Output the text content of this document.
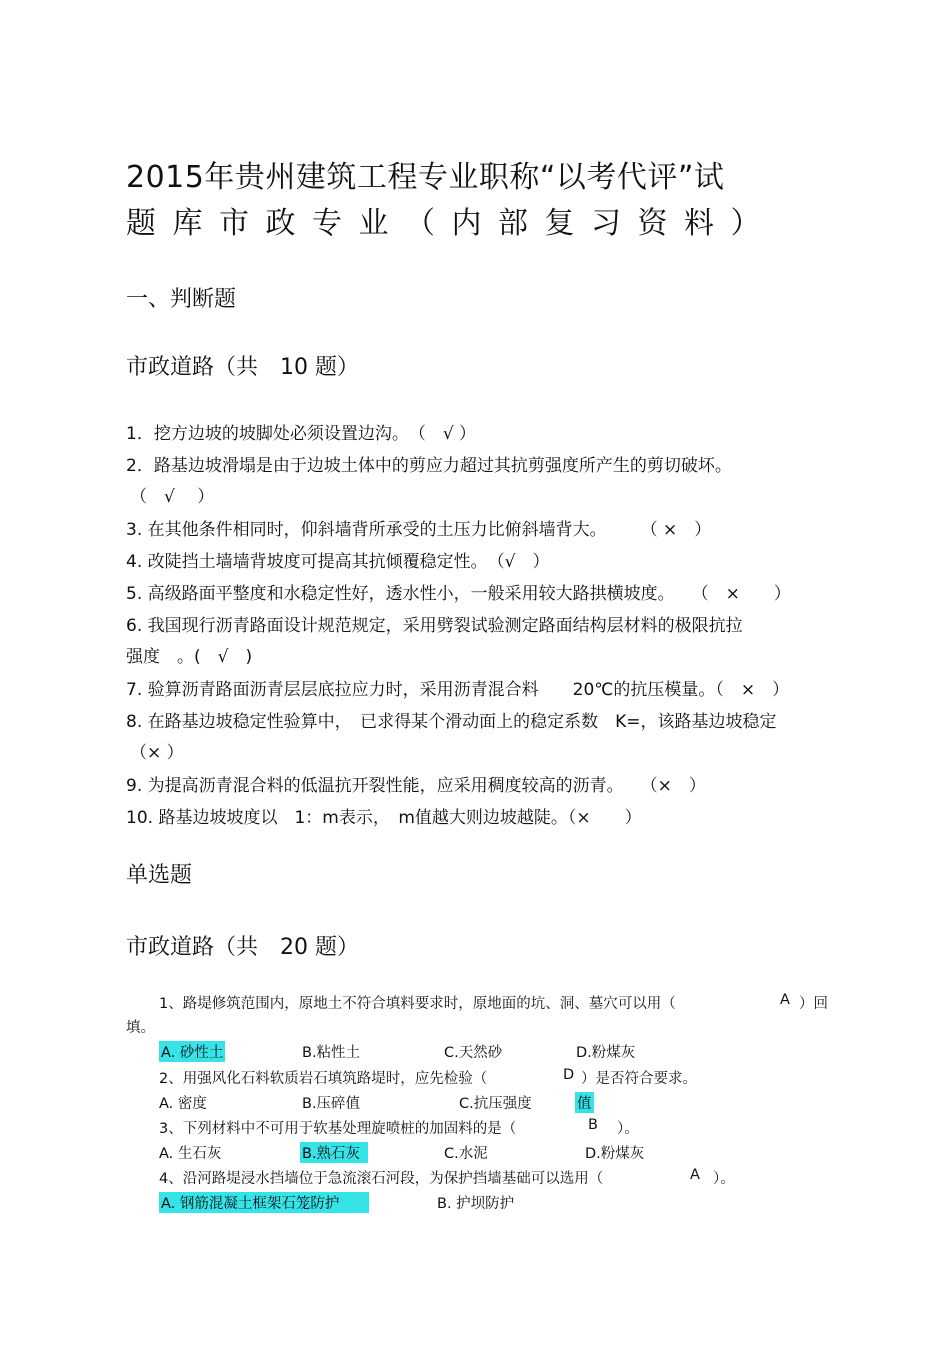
2015年贵州建筑工程专业职称“以考代评”试
题 库 市 政 专 业 （ 内 部 复 习 资 料 ）
一、判断题
市政道路（共　10 题）
1．挖方边坡的坡脚处必须设置边沟。　（　√ ）
2．路基边坡滑塌是由于边坡土体中的剪应力超过其抗剪强度所产生的剪切破坏。
（　√　 ）
3. 在其他条件相同时，仰斜墙背所承受的土压力比俯斜墙背大。　　　（ ×　）
4. 改陡挡土墙墙背坡度可提高其抗倾覆稳定性。　（√　）
5. 高级路面平整度和水稳定性好，透水性小，一般采用较大路拱横坡度。　　（　×　　）
6. 我国现行沥青路面设计规范规定，采用劈裂试验测定路面结构层材料的极限抗拉
强度　。(　√　)
7. 验算沥青路面沥青层层底拉应力时，采用沥青混合料　　20℃的抗压模量。（　×　）
8. 在路基边坡稳定性验算中，　已求得某个滑动面上的稳定系数　K=，该路基边坡稳定
（× ）
9. 为提高沥青混合料的低温抗开裂性能，应采用稠度较高的沥青。　　（×　）
10. 路基边坡坡度以　1：m表示，　m值越大则边坡越陡。（×　　）
单选题
市政道路（共　20 题）
1、路堤修筑范围内，原地土不符合填料要求时，原地面的坑、洞、墓穴可以用（	A ）回
填。
A. 砂性土	B.粘性土	C.天然砂	D.粉煤灰
2、用强风化石料软质岩石填筑路堤时，应先检验（	D ）是否符合要求。
A. 密度	B.压碎值	C.抗压强度	值
3、下列材料中不可用于软基处理旋喷桩的加固料的是（	B ）。
A. 生石灰	B.熟石灰	C.水泥	D.粉煤灰
4、沿河路堤浸水挡墙位于急流滚石河段，为保护挡墙基础可以选用（	A ）。
A. 钢筋混凝土框架石笼防护	B. 护坝防护
